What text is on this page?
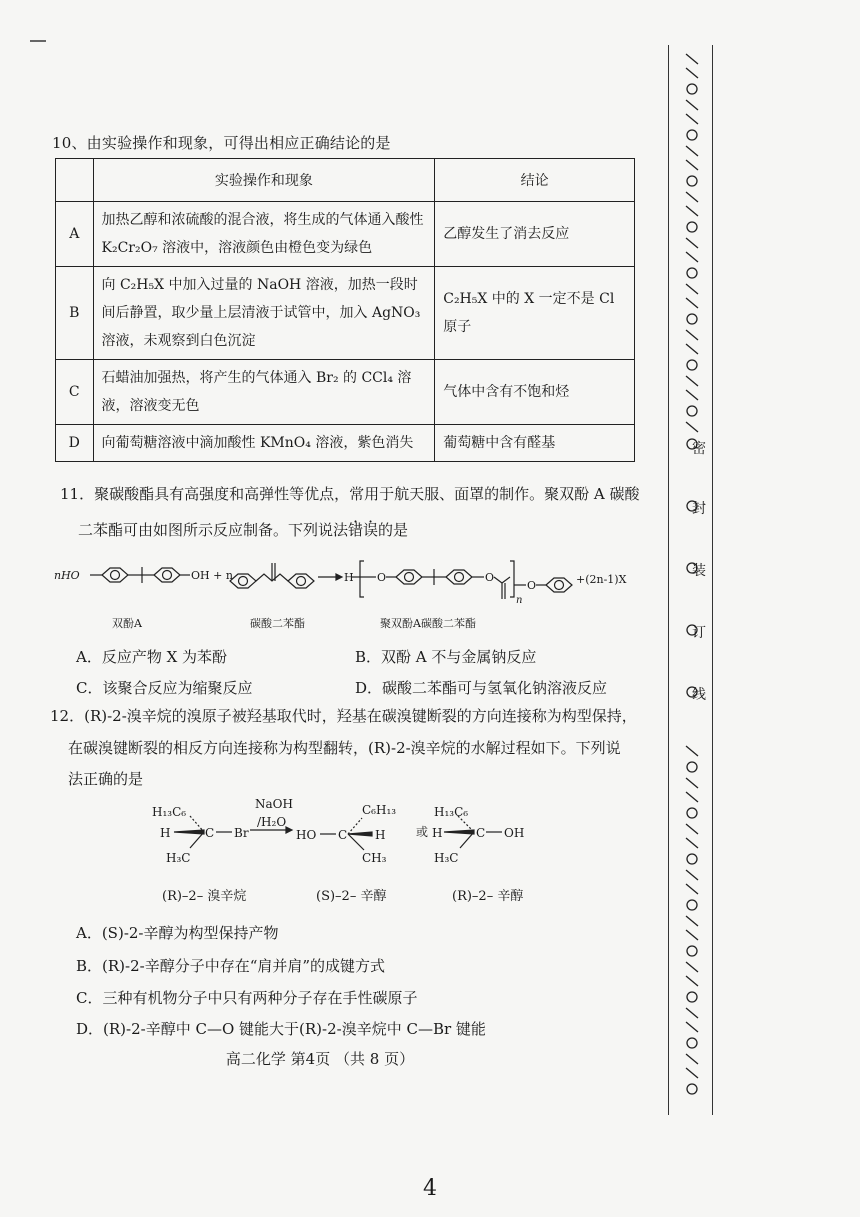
10、由实验操作和现象，可得出相应正确结论的是
	实验操作和现象	结论
A	加热乙醇和浓硫酸的混合液，将生成的气体通入酸性 K₂Cr₂O₇ 溶液中，溶液颜色由橙色变为绿色	乙醇发生了消去反应
B	向 C₂H₅X 中加入过量的 NaOH 溶液，加热一段时间后静置，取少量上层清液于试管中，加入 AgNO₃ 溶液，未观察到白色沉淀	C₂H₅X 中的 X 一定不是 Cl 原子
C	石蜡油加强热，将产生的气体通入 Br₂ 的 CCl₄ 溶液，溶液变无色	气体中含有不饱和烃
D	向葡萄糖溶液中滴加酸性 KMnO₄ 溶液，紫色消失	葡萄糖中含有醛基
11．聚碳酸酯具有高强度和高弹性等优点，常用于航天服、面罩的制作。聚双酚 A 碳酸
二苯酯可由如图所示反应制备。下列说法错误的是
nHO	OH + n	H O	O
O
n
+(2n-1)X
双酚A	碳酸二苯酯	聚双酚A碳酸二苯酯
A．反应产物 X 为苯酚	B．双酚 A 不与金属钠反应
C．该聚合反应为缩聚反应	D．碳酸二苯酯可与氢氧化钠溶液反应
12．(R)-2-溴辛烷的溴原子被羟基取代时，羟基在碳溴键断裂的方向连接称为构型保持，
在碳溴键断裂的相反方向连接称为构型翻转，(R)-2-溴辛烷的水解过程如下。下列说
法正确的是
H₁₃C₆
H	C Br
H₃C
NaOH
/H₂O
HO C
C₆H₁₃
H
CH₃
或
H₁₃C₆
H	C OH
H₃C
(R)–2– 溴辛烷	(S)–2– 辛醇	(R)–2– 辛醇
A．(S)-2-辛醇为构型保持产物
B．(R)-2-辛醇分子中存在“肩并肩”的成键方式
C．三种有机物分子中只有两种分子存在手性碳原子
D．(R)-2-辛醇中 C—O 键能大于(R)-2-溴辛烷中 C—Br 键能
高二化学 第4页 （共 8 页）
4
密
封
装
订
线
